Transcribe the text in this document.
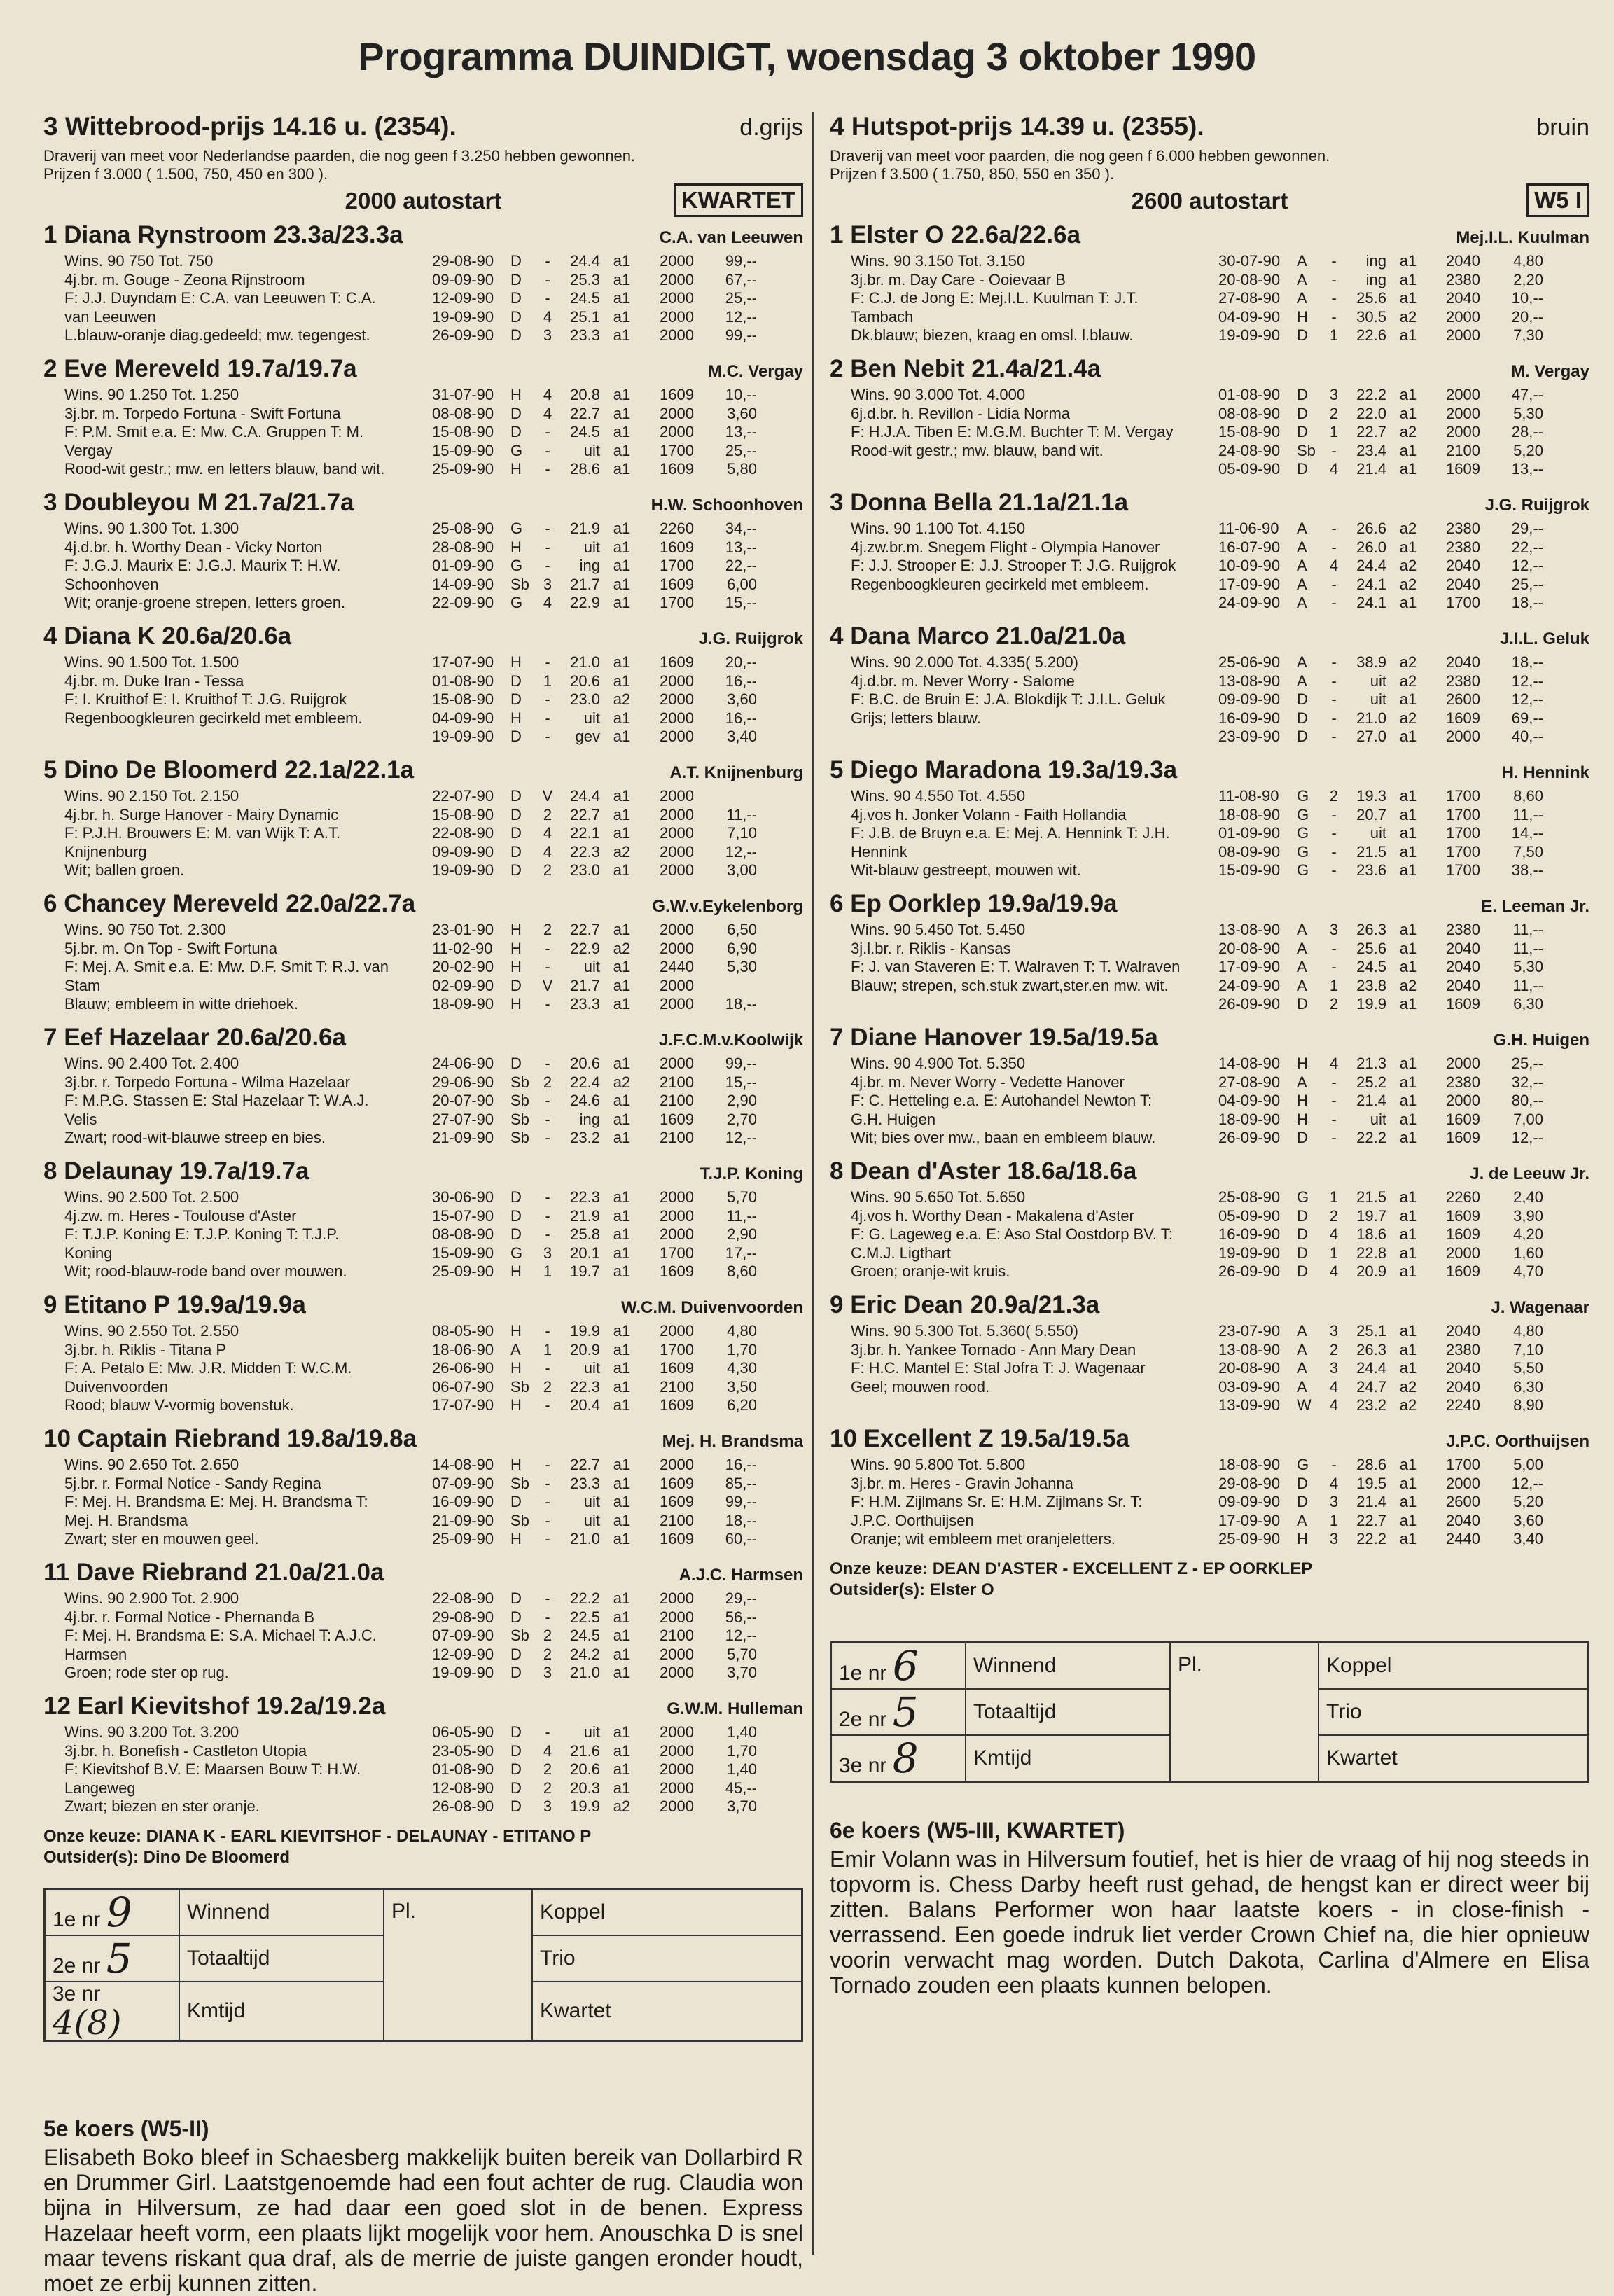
Programma DUINDIGT, woensdag 3 oktober 1990
3 Wittebrood-prijs 14.16 u. (2354).	d.grijs
Draverij van meet voor Nederlandse paarden, die nog geen f 3.250 hebben gewonnen.
Prijzen f 3.000 ( 1.500, 750, 450 en 300 ).
2000 autostart	KWARTET
1 Diana Rynstroom 23.3a/23.3a	C.A. van Leeuwen
Wins. 90 750 Tot. 750
4j.br. m. Gouge - Zeona Rijnstroom
F: J.J. Duyndam E: C.A. van Leeuwen T: C.A.
van Leeuwen
L.blauw-oranje diag.gedeeld; mw. tegengest.
29-08-90	D	-	24.4 a1	2000	99,--
09-09-90	D	-	25.3 a1	2000	67,--
12-09-90	D	-	24.5 a1	2000	25,--
19-09-90	D	4	25.1 a1	2000	12,--
26-09-90	D	3	23.3 a1	2000	99,--
2 Eve Mereveld 19.7a/19.7a	M.C. Vergay
Wins. 90 1.250 Tot. 1.250
3j.br. m. Torpedo Fortuna - Swift Fortuna
F: P.M. Smit e.a. E: Mw. C.A. Gruppen T: M.
Vergay
Rood-wit gestr.; mw. en letters blauw, band wit.
31-07-90	H	4	20.8 a1	1609	10,--
08-08-90	D	4	22.7 a1	2000	3,60
15-08-90	D	-	24.5 a1	2000	13,--
15-09-90	G	-	uit a1	1700	25,--
25-09-90	H	-	28.6 a1	1609	5,80
3 Doubleyou M 21.7a/21.7a	H.W. Schoonhoven
Wins. 90 1.300 Tot. 1.300
4j.d.br. h. Worthy Dean - Vicky Norton
F: J.G.J. Maurix E: J.G.J. Maurix T: H.W.
Schoonhoven
Wit; oranje-groene strepen, letters groen.
25-08-90	G	-	21.9 a1	2260	34,--
28-08-90	H	-	uit a1	1609	13,--
01-09-90	G	-	ing a1	1700	22,--
14-09-90	Sb 3	21.7 a1	1609	6,00
22-09-90	G	4	22.9 a1	1700	15,--
4 Diana K 20.6a/20.6a	J.G. Ruijgrok
Wins. 90 1.500 Tot. 1.500
4j.br. m. Duke Iran - Tessa
F: I. Kruithof E: I. Kruithof T: J.G. Ruijgrok
Regenboogkleuren gecirkeld met embleem.
17-07-90	H	-	21.0 a1	1609	20,--
01-08-90	D	1	20.6 a1	2000	16,--
15-08-90	D	-	23.0 a2	2000	3,60
04-09-90	H	-	uit a1	2000	16,--
19-09-90	D	-	gev a1	2000	3,40
5 Dino De Bloomerd 22.1a/22.1a	A.T. Knijnenburg
Wins. 90 2.150 Tot. 2.150
4j.br. h. Surge Hanover - Mairy Dynamic
F: P.J.H. Brouwers E: M. van Wijk T: A.T.
Knijnenburg
Wit; ballen groen.
22-07-90	D	V	24.4 a1	2000
15-08-90	D	2	22.7 a1	2000	11,--
22-08-90	D	4	22.1 a1	2000	7,10
09-09-90	D	4	22.3 a2	2000	12,--
19-09-90	D	2	23.0 a1	2000	3,00
6 Chancey Mereveld 22.0a/22.7a	G.W.v.Eykelenborg
Wins. 90 750 Tot. 2.300
5j.br. m. On Top - Swift Fortuna
F: Mej. A. Smit e.a. E: Mw. D.F. Smit T: R.J. van
Stam
Blauw; embleem in witte driehoek.
23-01-90	H	2	22.7 a1	2000	6,50
11-02-90	H	-	22.9 a2	2000	6,90
20-02-90	H	-	uit a1	2440	5,30
02-09-90	D	V	21.7 a1	2000
18-09-90	H	-	23.3 a1	2000	18,--
7 Eef Hazelaar 20.6a/20.6a	J.F.C.M.v.Koolwijk
Wins. 90 2.400 Tot. 2.400
3j.br. r. Torpedo Fortuna - Wilma Hazelaar
F: M.P.G. Stassen E: Stal Hazelaar T: W.A.J.
Velis
Zwart; rood-wit-blauwe streep en bies.
24-06-90	D	-	20.6 a1	2000	99,--
29-06-90	Sb 2	22.4 a2	2100	15,--
20-07-90	Sb	-	24.6 a1	2100	2,90
27-07-90	Sb	-	ing a1	1609	2,70
21-09-90	Sb	-	23.2 a1	2100	12,--
8 Delaunay 19.7a/19.7a	T.J.P. Koning
Wins. 90 2.500 Tot. 2.500
4j.zw. m. Heres - Toulouse d'Aster
F: T.J.P. Koning E: T.J.P. Koning T: T.J.P.
Koning
Wit; rood-blauw-rode band over mouwen.
30-06-90	D	-	22.3 a1	2000	5,70
15-07-90	D	-	21.9 a1	2000	11,--
08-08-90	D	-	25.8 a1	2000	2,90
15-09-90	G	3	20.1 a1	1700	17,--
25-09-90	H	1	19.7 a1	1609	8,60
9 Etitano P 19.9a/19.9a	W.C.M. Duivenvoorden
Wins. 90 2.550 Tot. 2.550
3j.br. h. Riklis - Titana P
F: A. Petalo E: Mw. J.R. Midden T: W.C.M.
Duivenvoorden
Rood; blauw V-vormig bovenstuk.
08-05-90	H	-	19.9 a1	2000	4,80
18-06-90	A	1	20.9 a1	1700	1,70
26-06-90	H	-	uit a1	1609	4,30
06-07-90	Sb 2	22.3 a1	2100	3,50
17-07-90	H	-	20.4 a1	1609	6,20
10 Captain Riebrand 19.8a/19.8a	Mej. H. Brandsma
Wins. 90 2.650 Tot. 2.650
5j.br. r. Formal Notice - Sandy Regina
F: Mej. H. Brandsma E: Mej. H. Brandsma T:
Mej. H. Brandsma
Zwart; ster en mouwen geel.
14-08-90	H	-	22.7 a1	2000	16,--
07-09-90	Sb	-	23.3 a1	1609	85,--
16-09-90	D	-	uit a1	1609	99,--
21-09-90	Sb	-	uit a1	2100	18,--
25-09-90	H	-	21.0 a1	1609	60,--
11 Dave Riebrand 21.0a/21.0a	A.J.C. Harmsen
Wins. 90 2.900 Tot. 2.900
4j.br. r. Formal Notice - Phernanda B
F: Mej. H. Brandsma E: S.A. Michael T: A.J.C.
Harmsen
Groen; rode ster op rug.
22-08-90	D	-	22.2 a1	2000	29,--
29-08-90	D	-	22.5 a1	2000	56,--
07-09-90	Sb 2	24.5 a1	2100	12,--
12-09-90	D	2	24.2 a1	2000	5,70
19-09-90	D	3	21.0 a1	2000	3,70
12 Earl Kievitshof 19.2a/19.2a	G.W.M. Hulleman
Wins. 90 3.200 Tot. 3.200
3j.br. h. Bonefish - Castleton Utopia
F: Kievitshof B.V. E: Maarsen Bouw T: H.W.
Langeweg
Zwart; biezen en ster oranje.
06-05-90	D	-	uit a1	2000	1,40
23-05-90	D	4	21.6 a1	2000	1,70
01-08-90	D	2	20.6 a1	2000	1,40
12-08-90	D	2	20.3 a1	2000	45,--
26-08-90	D	3	19.9 a2	2000	3,70
Onze keuze: DIANA K - EARL KIEVITSHOF - DELAUNAY - ETITANO P
Outsider(s): Dino De Bloomerd
1e nr 9	Winnend	Pl.	Koppel
2e nr 5	Totaaltijd		Trio
3e nr 4(8)	Kmtijd		Kwartet
4 Hutspot-prijs 14.39 u. (2355).	bruin
Draverij van meet voor paarden, die nog geen f 6.000 hebben gewonnen.
Prijzen f 3.500 ( 1.750, 850, 550 en 350 ).
2600 autostart	W5 I
1 Elster O 22.6a/22.6a	Mej.I.L. Kuulman
Wins. 90 3.150 Tot. 3.150
3j.br. m. Day Care - Ooievaar B
F: C.J. de Jong E: Mej.I.L. Kuulman T: J.T.
Tambach
Dk.blauw; biezen, kraag en omsl. l.blauw.
30-07-90	A	-	ing a1	2040	4,80
20-08-90	A	-	ing a1	2380	2,20
27-08-90	A	-	25.6 a1	2040	10,--
04-09-90	H	-	30.5 a2	2000	20,--
19-09-90	D	1	22.6 a1	2000	7,30
2 Ben Nebit 21.4a/21.4a	M. Vergay
Wins. 90 3.000 Tot. 4.000
6j.d.br. h. Revillon - Lidia Norma
F: H.J.A. Tiben E: M.G.M. Buchter T: M. Vergay
Rood-wit gestr.; mw. blauw, band wit.
01-08-90	D	3	22.2 a1	2000	47,--
08-08-90	D	2	22.0 a1	2000	5,30
15-08-90	D	1	22.7 a2	2000	28,--
24-08-90	Sb	-	23.4 a1	2100	5,20
05-09-90	D	4	21.4 a1	1609	13,--
3 Donna Bella 21.1a/21.1a	J.G. Ruijgrok
Wins. 90 1.100 Tot. 4.150
4j.zw.br.m. Snegem Flight - Olympia Hanover
F: J.J. Strooper E: J.J. Strooper T: J.G. Ruijgrok
Regenboogkleuren gecirkeld met embleem.
11-06-90	A	-	26.6 a2	2380	29,--
16-07-90	A	-	26.0 a1	2380	22,--
10-09-90	A	4	24.4 a2	2040	12,--
17-09-90	A	-	24.1 a2	2040	25,--
24-09-90	A	-	24.1 a1	1700	18,--
4 Dana Marco 21.0a/21.0a	J.I.L. Geluk
Wins. 90 2.000 Tot. 4.335( 5.200)
4j.d.br. m. Never Worry - Salome
F: B.C. de Bruin E: J.A. Blokdijk T: J.I.L. Geluk
Grijs; letters blauw.
25-06-90	A	-	38.9 a2	2040	18,--
13-08-90	A	-	uit a2	2380	12,--
09-09-90	D	-	uit a1	2600	12,--
16-09-90	D	-	21.0 a2	1609	69,--
23-09-90	D	-	27.0 a1	2000	40,--
5 Diego Maradona 19.3a/19.3a	H. Hennink
Wins. 90 4.550 Tot. 4.550
4j.vos h. Jonker Volann - Faith Hollandia
F: J.B. de Bruyn e.a. E: Mej. A. Hennink T: J.H.
Hennink
Wit-blauw gestreept, mouwen wit.
11-08-90	G	2	19.3 a1	1700	8,60
18-08-90	G	-	20.7 a1	1700	11,--
01-09-90	G	-	uit a1	1700	14,--
08-09-90	G	-	21.5 a1	1700	7,50
15-09-90	G	-	23.6 a1	1700	38,--
6 Ep Oorklep 19.9a/19.9a	E. Leeman Jr.
Wins. 90 5.450 Tot. 5.450
3j.l.br. r. Riklis - Kansas
F: J. van Staveren E: T. Walraven T: T. Walraven
Blauw; strepen, sch.stuk zwart,ster.en mw. wit.
13-08-90	A	3	26.3 a1	2380	11,--
20-08-90	A	-	25.6 a1	2040	11,--
17-09-90	A	-	24.5 a1	2040	5,30
24-09-90	A	1	23.8 a2	2040	11,--
26-09-90	D	2	19.9 a1	1609	6,30
7 Diane Hanover 19.5a/19.5a	G.H. Huigen
Wins. 90 4.900 Tot. 5.350
4j.br. m. Never Worry - Vedette Hanover
F: C. Hetteling e.a. E: Autohandel Newton T:
G.H. Huigen
Wit; bies over mw., baan en embleem blauw.
14-08-90	H	4	21.3 a1	2000	25,--
27-08-90	A	-	25.2 a1	2380	32,--
04-09-90	H	-	21.4 a1	2000	80,--
18-09-90	H	-	uit a1	1609	7,00
26-09-90	D	-	22.2 a1	1609	12,--
8 Dean d'Aster 18.6a/18.6a	J. de Leeuw Jr.
Wins. 90 5.650 Tot. 5.650
4j.vos h. Worthy Dean - Makalena d'Aster
F: G. Lageweg e.a. E: Aso Stal Oostdorp BV. T:
C.M.J. Ligthart
Groen; oranje-wit kruis.
25-08-90	G	1	21.5 a1	2260	2,40
05-09-90	D	2	19.7 a1	1609	3,90
16-09-90	D	4	18.6 a1	1609	4,20
19-09-90	D	1	22.8 a1	2000	1,60
26-09-90	D	4	20.9 a1	1609	4,70
9 Eric Dean 20.9a/21.3a	J. Wagenaar
Wins. 90 5.300 Tot. 5.360( 5.550)
3j.br. h. Yankee Tornado - Ann Mary Dean
F: H.C. Mantel E: Stal Jofra T: J. Wagenaar
Geel; mouwen rood.
23-07-90	A	3	25.1 a1	2040	4,80
13-08-90	A	2	26.3 a1	2380	7,10
20-08-90	A	3	24.4 a1	2040	5,50
03-09-90	A	4	24.7 a2	2040	6,30
13-09-90	W	4	23.2 a2	2240	8,90
10 Excellent Z 19.5a/19.5a	J.P.C. Oorthuijsen
Wins. 90 5.800 Tot. 5.800
3j.br. m. Heres - Gravin Johanna
F: H.M. Zijlmans Sr. E: H.M. Zijlmans Sr. T:
J.P.C. Oorthuijsen
Oranje; wit embleem met oranjeletters.
18-08-90	G	-	28.6 a1	1700	5,00
29-08-90	D	4	19.5 a1	2000	12,--
09-09-90	D	3	21.4 a1	2600	5,20
17-09-90	A	1	22.7 a1	2040	3,60
25-09-90	H	3	22.2 a1	2440	3,40
Onze keuze: DEAN D'ASTER - EXCELLENT Z - EP OORKLEP
Outsider(s): Elster O
1e nr 6	Winnend	Pl.	Koppel
2e nr 5	Totaaltijd		Trio
3e nr 8	Kmtijd		Kwartet
6e koers (W5-III, KWARTET)

Emir Volann was in Hilversum foutief, het is hier de vraag of hij nog steeds in topvorm is. Chess Darby heeft rust gehad, de hengst kan er direct weer bij zitten. Balans Performer won haar laatste koers - in close-finish - verrassend. Een goede indruk liet verder Crown Chief na, die hier opnieuw voorin verwacht mag worden. Dutch Dakota, Carlina d'Almere en Elisa Tornado zouden een plaats kunnen belopen.

5e koers (W5-II)

Elisabeth Boko bleef in Schaesberg makkelijk buiten bereik van Dollarbird R en Drummer Girl. Laatstgenoemde had een fout achter de rug. Claudia won bijna in Hilversum, ze had daar een goed slot in de benen. Express Hazelaar heeft vorm, een plaats lijkt mogelijk voor hem. Anouschka D is snel maar tevens riskant qua draf, als de merrie de juiste gangen eronder houdt, moet ze erbij kunnen zitten.
